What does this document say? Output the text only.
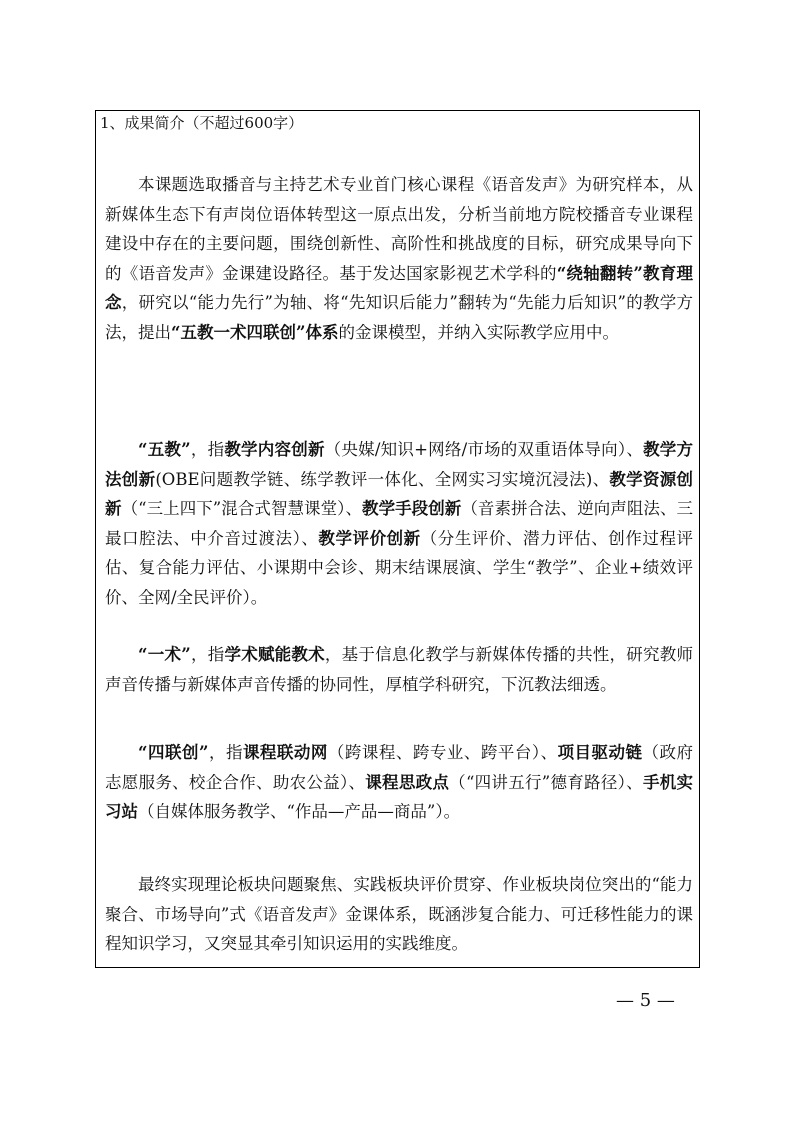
1、成果简介（不超过600字）

本课题选取播音与主持艺术专业首门核心课程《语音发声》为研究样本，从新媒体生态下有声岗位语体转型这一原点出发，分析当前地方院校播音专业课程建设中存在的主要问题，围绕创新性、高阶性和挑战度的目标，研究成果导向下的《语音发声》金课建设路径。基于发达国家影视艺术学科的“绕轴翻转”教育理念，研究以“能力先行”为轴、将“先知识后能力”翻转为“先能力后知识”的教学方法，提出“五教一术四联创”体系的金课模型，并纳入实际教学应用中。

“五教”，指教学内容创新（央媒/知识+网络/市场的双重语体导向）、教学方法创新(OBE问题教学链、练学教评一体化、全网实习实境沉浸法)、教学资源创新（“三上四下”混合式智慧课堂）、教学手段创新（音素拼合法、逆向声阻法、三最口腔法、中介音过渡法）、教学评价创新（分生评价、潜力评估、创作过程评估、复合能力评估、小课期中会诊、期末结课展演、学生“教学”、企业+绩效评价、全网/全民评价）。

“一术”，指学术赋能教术，基于信息化教学与新媒体传播的共性，研究教师声音传播与新媒体声音传播的协同性，厚植学科研究，下沉教法细透。

“四联创”，指课程联动网（跨课程、跨专业、跨平台）、项目驱动链（政府志愿服务、校企合作、助农公益）、课程思政点（“四讲五行”德育路径）、手机实习站（自媒体服务教学、“作品—产品—商品”）。

最终实现理论板块问题聚焦、实践板块评价贯穿、作业板块岗位突出的“能力聚合、市场导向”式《语音发声》金课体系，既涵涉复合能力、可迁移性能力的课程知识学习，又突显其牵引知识运用的实践维度。

— 5 —
